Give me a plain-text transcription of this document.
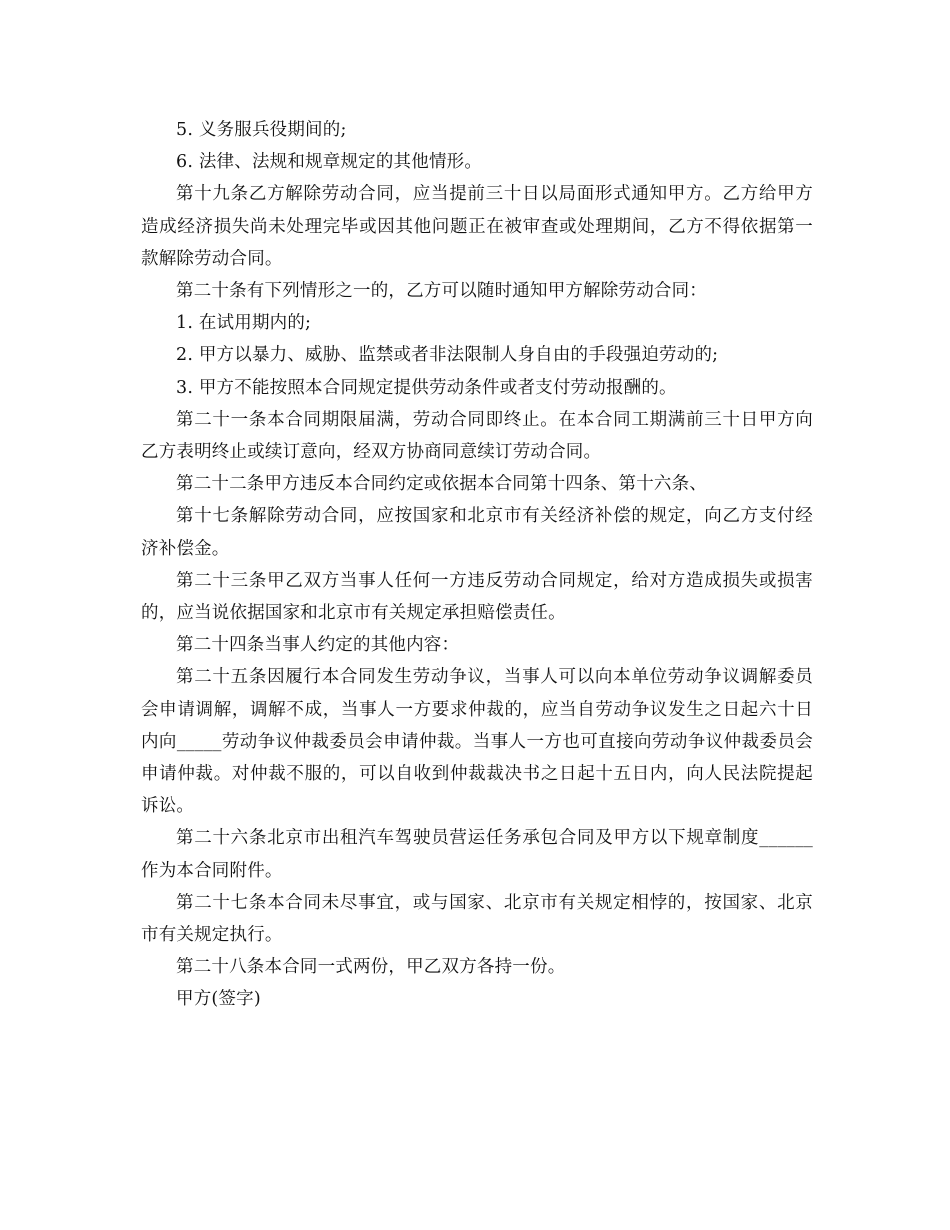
5. 义务服兵役期间的;

6. 法律、法规和规章规定的其他情形。

第十九条乙方解除劳动合同，应当提前三十日以局面形式通知甲方。乙方给甲方造成经济损失尚未处理完毕或因其他问题正在被审查或处理期间，乙方不得依据第一款解除劳动合同。

第二十条有下列情形之一的，乙方可以随时通知甲方解除劳动合同：

1. 在试用期内的;

2. 甲方以暴力、威胁、监禁或者非法限制人身自由的手段强迫劳动的;

3. 甲方不能按照本合同规定提供劳动条件或者支付劳动报酬的。

第二十一条本合同期限届满，劳动合同即终止。在本合同工期满前三十日甲方向乙方表明终止或续订意向，经双方协商同意续订劳动合同。

第二十二条甲方违反本合同约定或依据本合同第十四条、第十六条、

第十七条解除劳动合同，应按国家和北京市有关经济补偿的规定，向乙方支付经济补偿金。

第二十三条甲乙双方当事人任何一方违反劳动合同规定，给对方造成损失或损害的，应当说依据国家和北京市有关规定承担赔偿责任。

第二十四条当事人约定的其他内容：

第二十五条因履行本合同发生劳动争议，当事人可以向本单位劳动争议调解委员会申请调解，调解不成，当事人一方要求仲裁的，应当自劳动争议发生之日起六十日内向_____劳动争议仲裁委员会申请仲裁。当事人一方也可直接向劳动争议仲裁委员会申请仲裁。对仲裁不服的，可以自收到仲裁裁决书之日起十五日内，向人民法院提起诉讼。

第二十六条北京市出租汽车驾驶员营运任务承包合同及甲方以下规章制度______作为本合同附件。

第二十七条本合同未尽事宜，或与国家、北京市有关规定相悖的，按国家、北京市有关规定执行。

第二十八条本合同一式两份，甲乙双方各持一份。

甲方(签字)
